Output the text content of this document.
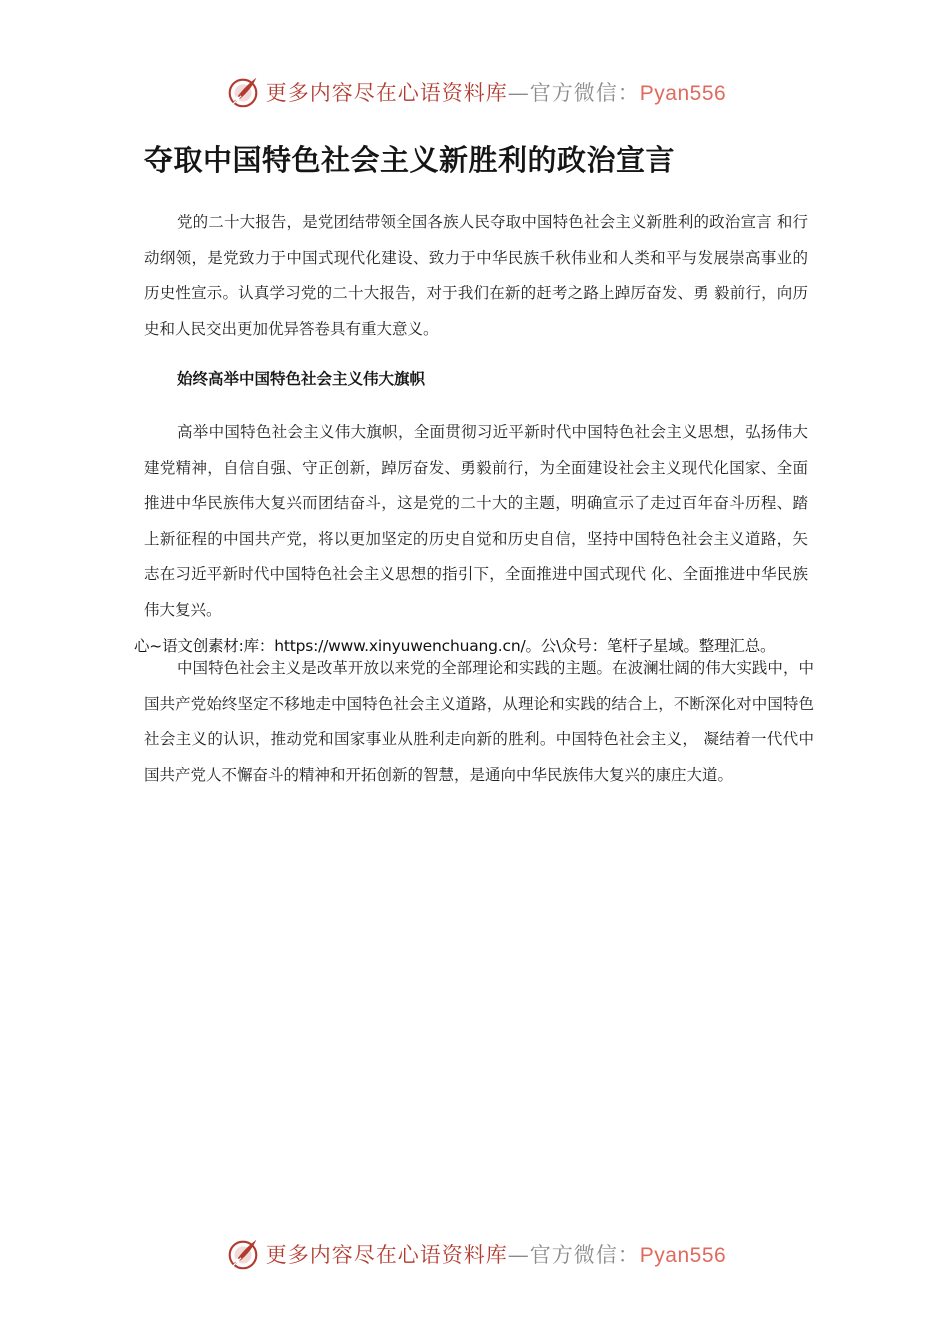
更多内容尽在心语资料库—官方微信：Pyan556
夺取中国特色社会主义新胜利的政治宣言

党的二十大报告，是党团结带领全国各族人民夺取中国特色社会主义新胜利的政治宣言 和行动纲领，是党致力于中国式现代化建设、致力于中华民族千秋伟业和人类和平与发展崇高事业的历史性宣示。认真学习党的二十大报告，对于我们在新的赶考之路上踔厉奋发、勇 毅前行，向历史和人民交出更加优异答卷具有重大意义。

始终高举中国特色社会主义伟大旗帜

高举中国特色社会主义伟大旗帜，全面贯彻习近平新时代中国特色社会主义思想，弘扬伟大建党精神，自信自强、守正创新，踔厉奋发、勇毅前行，为全面建设社会主义现代化国家、全面推进中华民族伟大复兴而团结奋斗，这是党的二十大的主题，明确宣示了走过百年奋斗历程、踏上新征程的中国共产党，将以更加坚定的历史自觉和历史自信，坚持中国特色社会主义道路，矢志在习近平新时代中国特色社会主义思想的指引下，全面推进中国式现代 化、全面推进中华民族伟大复兴。

心~语文创素材:库：https://www.xinyuwenchuang.cn/。公\众号：笔杆子星域。整理汇总。

中国特色社会主义是改革开放以来党的全部理论和实践的主题。在波澜壮阔的伟大实践中，中国共产党始终坚定不移地走中国特色社会主义道路，从理论和实践的结合上，不断深化对中国特色社会主义的认识，推动党和国家事业从胜利走向新的胜利。中国特色社会主义， 凝结着一代代中国共产党人不懈奋斗的精神和开拓创新的智慧，是通向中华民族伟大复兴的康庄大道。

更多内容尽在心语资料库—官方微信：Pyan556
